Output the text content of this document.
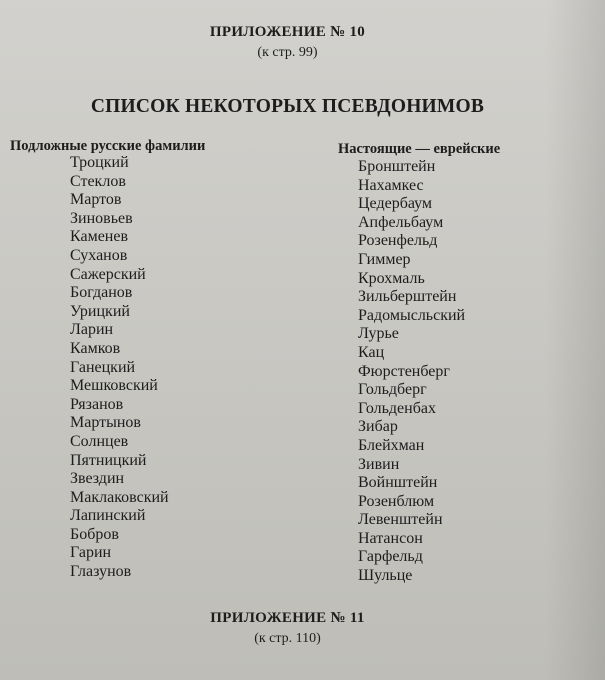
ПРИЛОЖЕНИЕ № 10
(к стр. 99)
СПИСОК НЕКОТОРЫХ ПСЕВДОНИМОВ
Подложные русские фамилии	Настоящие — еврейские
Троцкий
Стеклов
Мартов
Зиновьев
Каменев
Суханов
Сажерский
Богданов
Урицкий
Ларин
Камков
Ганецкий
Мешковский
Рязанов
Мартынов
Солнцев
Пятницкий
Звездин
Маклаковский
Лапинский
Бобров
Гарин
Глазунов
Бронштейн
Нахамкес
Цедербаум
Апфельбаум
Розенфельд
Гиммер
Крохмаль
Зильберштейн
Радомысльский
Лурье
Кац
Фюрстенберг
Гольдберг
Гольденбах
Зибар
Блейхман
Зивин
Войнштейн
Розенблюм
Левенштейн
Натансон
Гарфельд
Шульце
ПРИЛОЖЕНИЕ № 11
(к стр. 110)
